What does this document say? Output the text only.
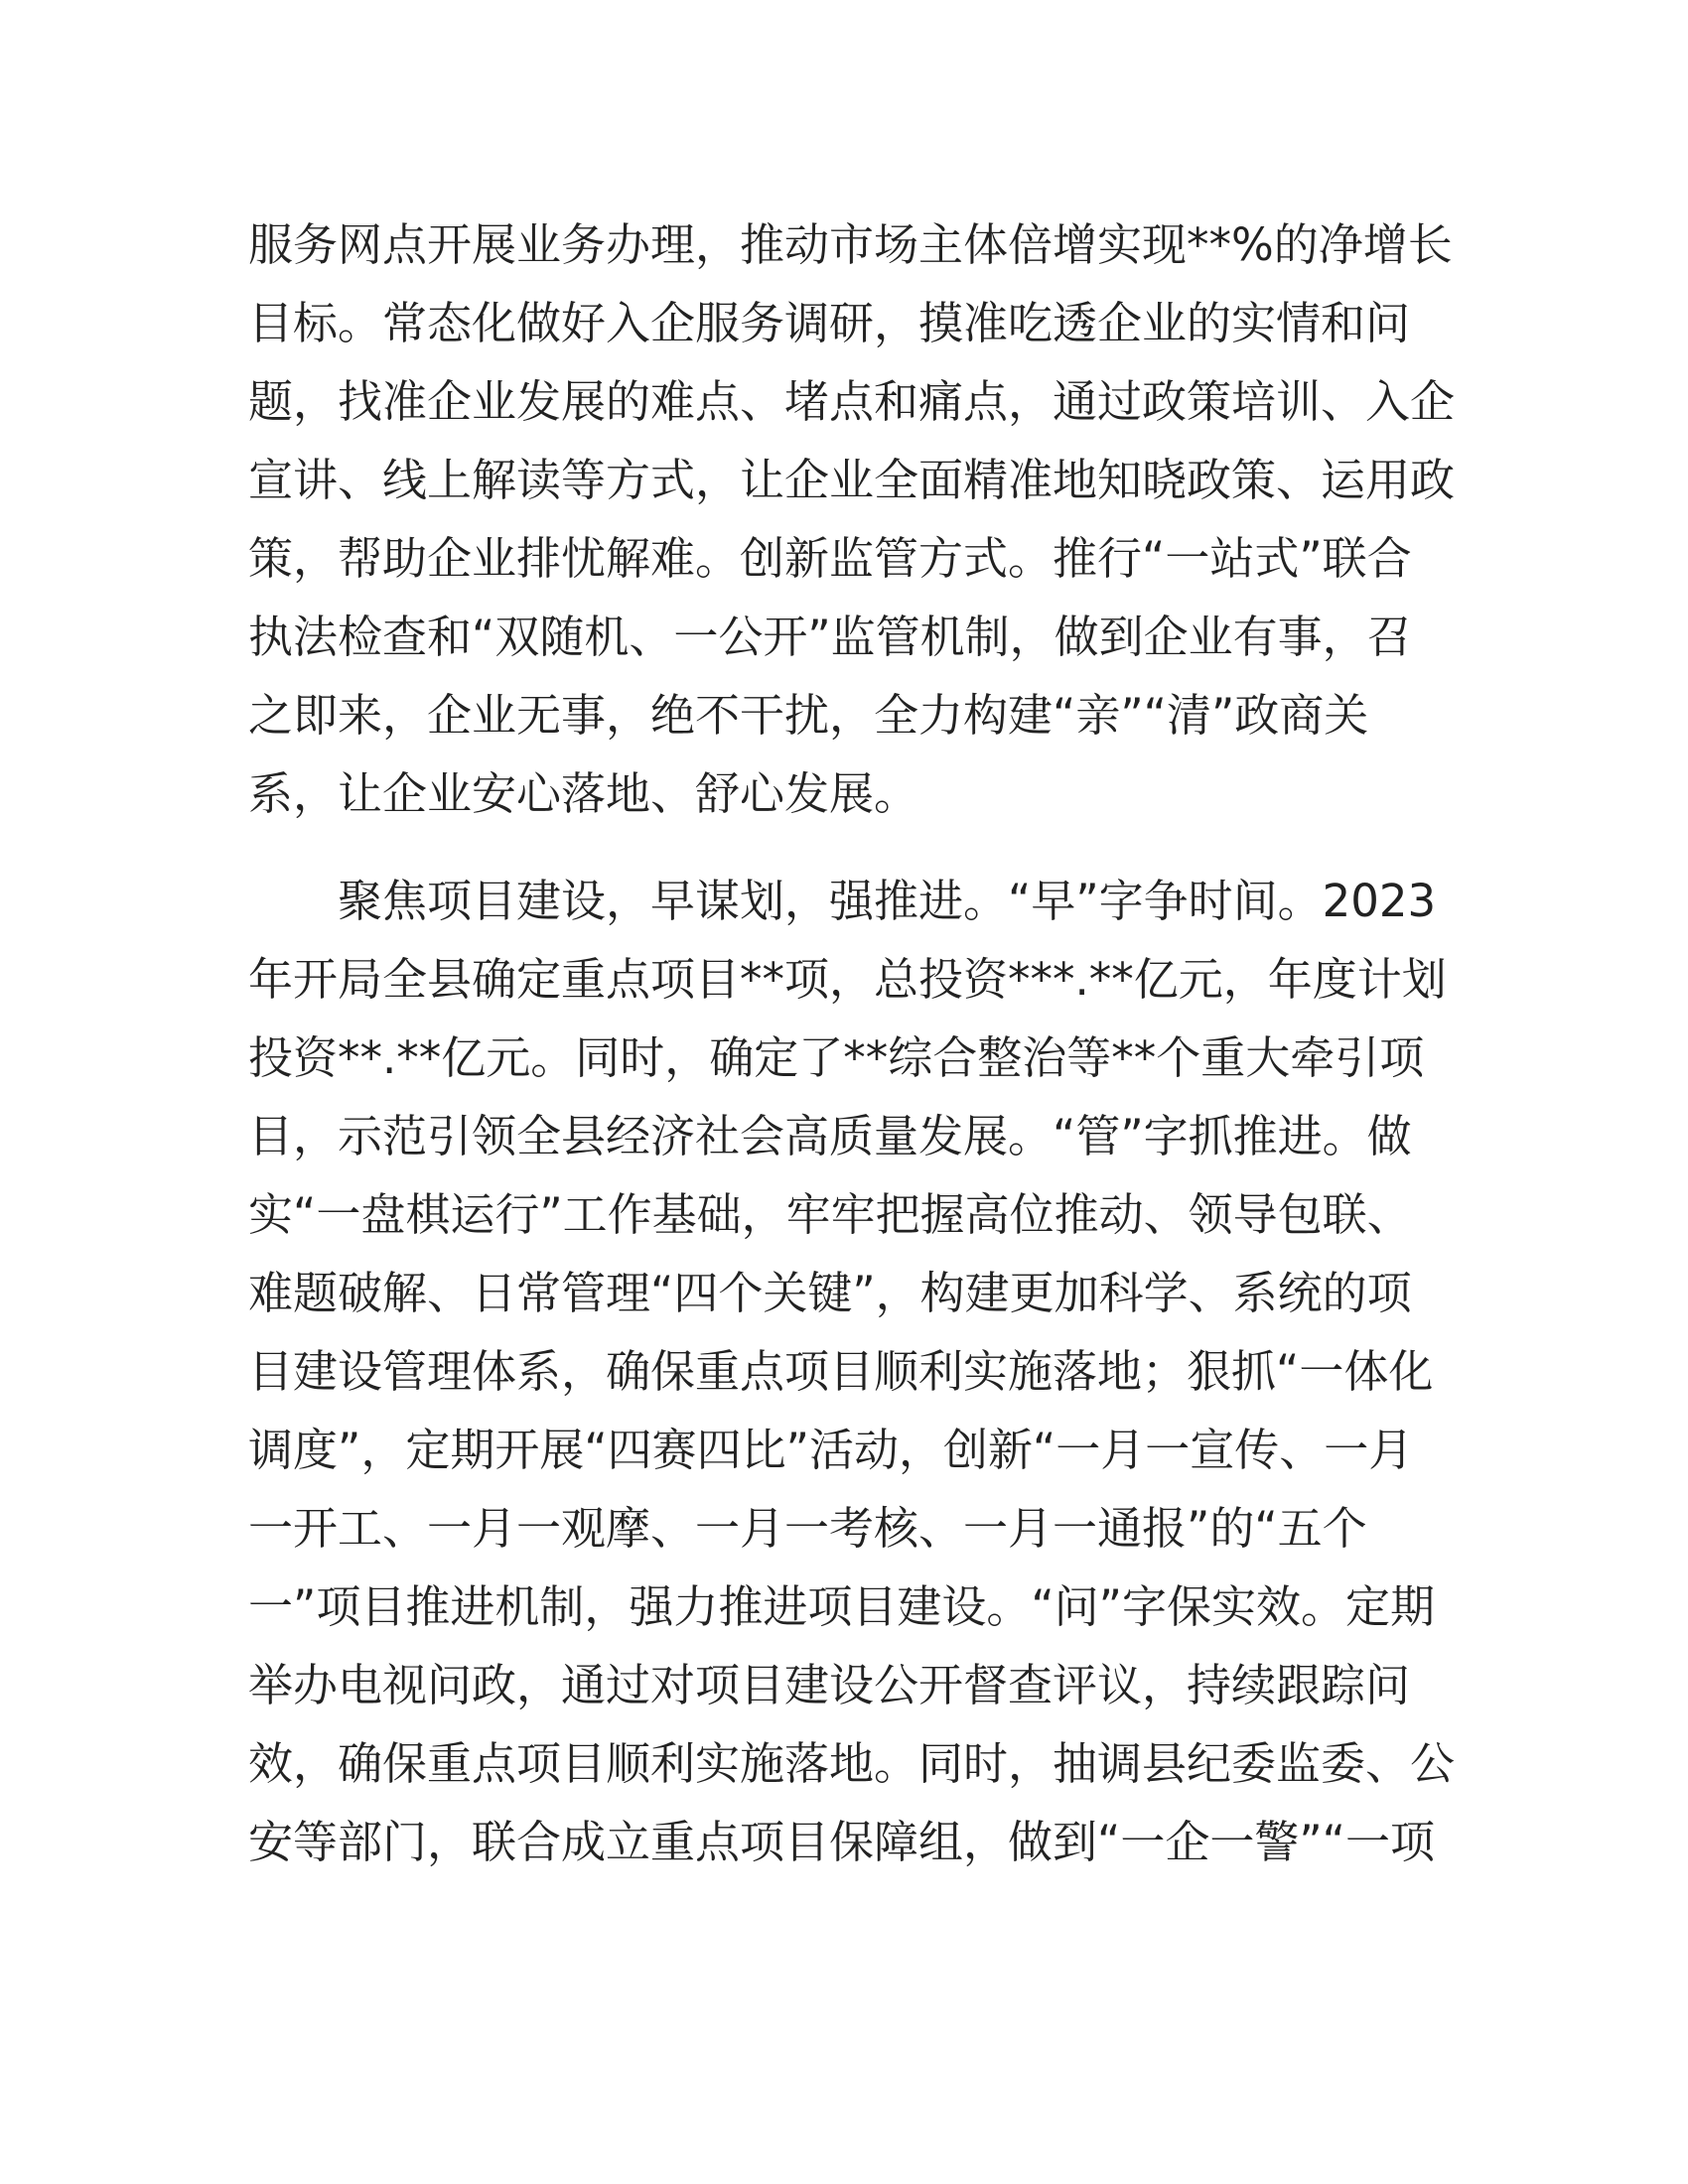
服务网点开展业务办理，推动市场主体倍增实现**%的净增长
目标。常态化做好入企服务调研，摸准吃透企业的实情和问
题，找准企业发展的难点、堵点和痛点，通过政策培训、入企
宣讲、线上解读等方式，让企业全面精准地知晓政策、运用政
策，帮助企业排忧解难。创新监管方式。推行“一站式”联合
执法检查和“双随机、一公开”监管机制，做到企业有事，召
之即来，企业无事，绝不干扰，全力构建“亲”“清”政商关
系，让企业安心落地、舒心发展。
　　聚焦项目建设，早谋划，强推进。“早”字争时间。2023
年开局全县确定重点项目**项，总投资***.**亿元，年度计划
投资**.**亿元。同时，确定了**综合整治等**个重大牵引项
目，示范引领全县经济社会高质量发展。“管”字抓推进。做
实“一盘棋运行”工作基础，牢牢把握高位推动、领导包联、
难题破解、日常管理“四个关键”，构建更加科学、系统的项
目建设管理体系，确保重点项目顺利实施落地；狠抓“一体化
调度”，定期开展“四赛四比”活动，创新“一月一宣传、一月
一开工、一月一观摩、一月一考核、一月一通报”的“五个
一”项目推进机制，强力推进项目建设。“问”字保实效。定期
举办电视问政，通过对项目建设公开督查评议，持续跟踪问
效，确保重点项目顺利实施落地。同时，抽调县纪委监委、公
安等部门，联合成立重点项目保障组，做到“一企一警”“一项
